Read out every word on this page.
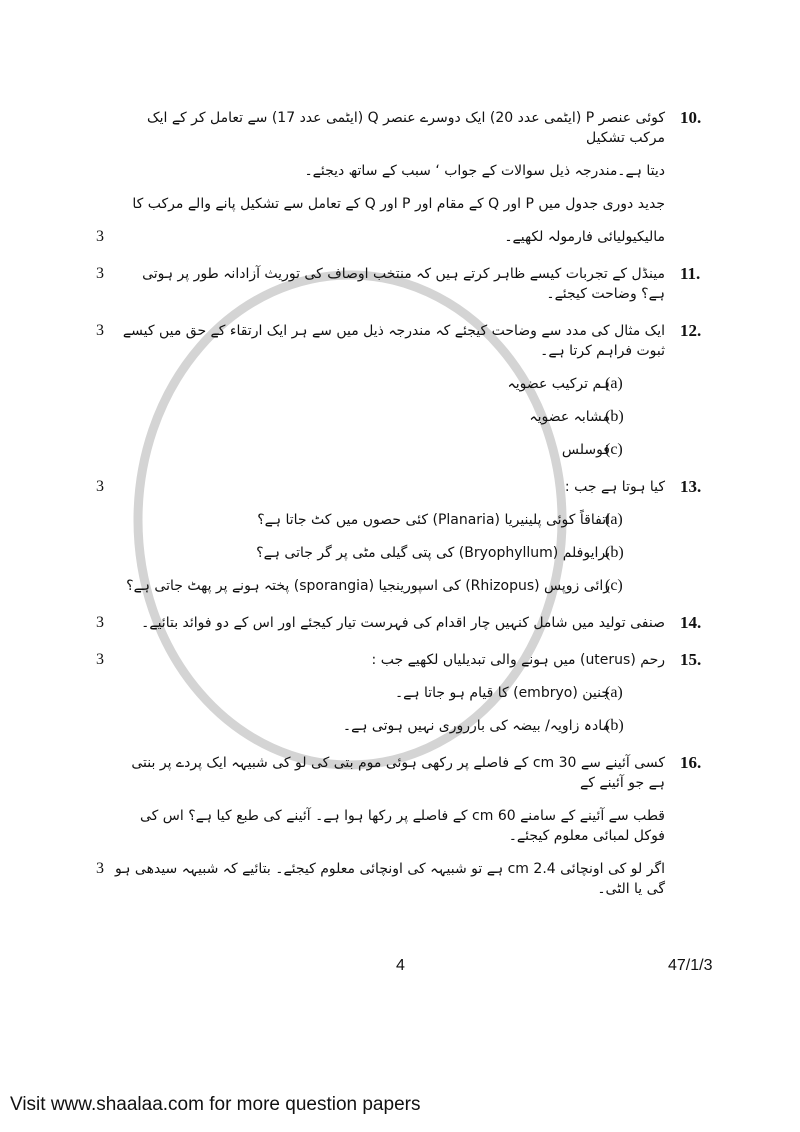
10.
کوئی عنصر P (ایٹمی عدد 20) ایک دوسرے عنصر Q (ایٹمی عدد 17) سے تعامل کر کے ایک مرکب تشکیل
دیتا ہے۔مندرجہ ذیل سوالات کے جواب ‘ سبب کے ساتھ دیجئے۔
جدید دوری جدول میں P اور Q کے مقام اور P اور Q کے تعامل سے تشکیل پانے والے مرکب کا
3	مالیکیولیائی فارمولہ لکھیے۔
11.
3	مینڈل کے تجربات کیسے ظاہر کرتے ہیں کہ منتخب اوصاف کی توریث آزادانہ طور پر ہوتی ہے؟ وضاحت کیجئے۔
12.
3	ایک مثال کی مدد سے وضاحت کیجئے کہ مندرجہ ذیل میں سے ہر ایک ارتقاء کے حق میں کیسے ثبوت فراہم کرتا ہے۔
(a)
ہم ترکیب عضویہ
(b)
مشابہ عضویہ
(c)
فوسلس
13.
3	کیا ہوتا ہے جب :
(a)
اتفاقاً کوئی پلینیریا (Planaria) کئی حصوں میں کٹ جاتا ہے؟
(b)
برایوفلم (Bryophyllum) کی پتی گیلی مٹی پر گر جاتی ہے؟
(c)
رائی زوپس (Rhizopus) کی اسپورینجیا (sporangia) پختہ ہونے پر پھٹ جاتی ہے؟
14.
3	صنفی تولید میں شامل کنہیں چار اقدام کی فہرست تیار کیجئے اور اس کے دو فوائد بتائیے۔
15.
3	رحم (uterus) میں ہونے والی تبدیلیاں لکھیے جب :
(a)
جنین (embryo) کا قیام ہو جاتا ہے۔
(b)
مادہ زاویہ/ بیضہ کی بارروری نہیں ہوتی ہے۔
16.
کسی آئینے سے 30 cm کے فاصلے پر رکھی ہوئی موم بتی کی لو کی شبیہہ ایک پردے پر بنتی ہے جو آئینے کے
قطب سے آئینے کے سامنے 60 cm کے فاصلے پر رکھا ہوا ہے۔ آئینے کی طبع کیا ہے؟ اس کی فوکل لمبائی معلوم کیجئے۔
3 اگر لو کی اونچائی 2.4 cm ہے تو شبیہہ کی اونچائی معلوم کیجئے۔ بتائیے کہ شبیہہ سیدھی ہو گی یا الٹی۔
4	47/1/3
Visit www.shaalaa.com for more question papers
